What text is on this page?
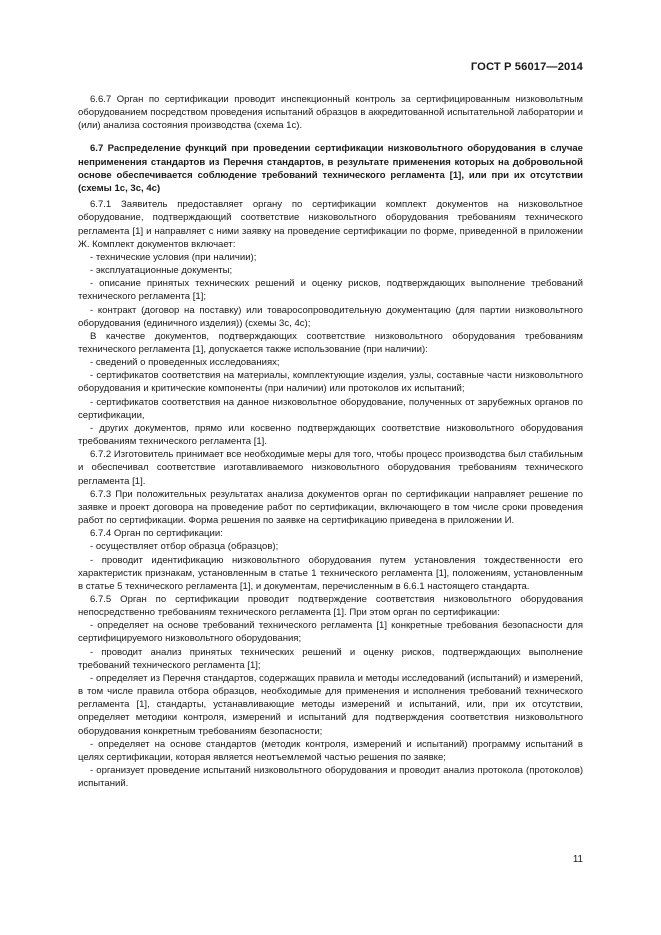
ГОСТ Р 56017—2014

6.6.7 Орган по сертификации проводит инспекционный контроль за сертифицированным низковольтным оборудованием посредством проведения испытаний образцов в аккредитованной испытательной лаборатории и (или) анализа состояния производства (схема 1с).

6.7 Распределение функций при проведении сертификации низковольтного оборудования в случае неприменения стандартов из Перечня стандартов, в результате применения которых на добровольной основе обеспечивается соблюдение требований технического регламента [1], или при их отсутствии (схемы 1с, 3с, 4с)

6.7.1 Заявитель предоставляет органу по сертификации комплект документов на низковольтное оборудование, подтверждающий соответствие низковольтного оборудования требованиям технического регламента [1] и направляет с ними заявку на проведение сертификации по форме, приведенной в приложении Ж. Комплект документов включает:

- технические условия (при наличии);

- эксплуатационные документы;

- описание принятых технических решений и оценку рисков, подтверждающих выполнение требований технического регламента [1];

- контракт (договор на поставку) или товаросопроводительную документацию (для партии низковольтного оборудования (единичного изделия)) (схемы 3с, 4с);

В качестве документов, подтверждающих соответствие низковольтного оборудования требованиям технического регламента [1], допускается также использование (при наличии):

- сведений о проведенных исследованиях;

- сертификатов соответствия на материалы, комплектующие изделия, узлы, составные части низковольтного оборудования и критические компоненты (при наличии) или протоколов их испытаний;

- сертификатов соответствия на данное низковольтное оборудование, полученных от зарубежных органов по сертификации,

- других документов, прямо или косвенно подтверждающих соответствие низковольтного оборудования требованиям технического регламента [1].

6.7.2 Изготовитель принимает все необходимые меры для того, чтобы процесс производства был стабильным и обеспечивал соответствие изготавливаемого низковольтного оборудования требованиям технического регламента [1].

6.7.3 При положительных результатах анализа документов орган по сертификации направляет решение по заявке и проект договора на проведение работ по сертификации, включающего в том числе сроки проведения работ по сертификации. Форма решения по заявке на сертификацию приведена в приложении И.

6.7.4 Орган по сертификации:

- осуществляет отбор образца (образцов);

- проводит идентификацию низковольтного оборудования путем установления тождественности его характеристик признакам, установленным в статье 1 технического регламента [1], положениям, установленным в статье 5 технического регламента [1], и документам, перечисленным в 6.6.1 настоящего стандарта.

6.7.5 Орган по сертификации проводит подтверждение соответствия низковольтного оборудования непосредственно требованиям технического регламента [1]. При этом орган по сертификации:

- определяет на основе требований технического регламента [1] конкретные требования безопасности для сертифицируемого низковольтного оборудования;

- проводит анализ принятых технических решений и оценку рисков, подтверждающих выполнение требований технического регламента [1];

- определяет из Перечня стандартов, содержащих правила и методы исследований (испытаний) и измерений, в том числе правила отбора образцов, необходимые для применения и исполнения требований технического регламента [1], стандарты, устанавливающие методы измерений и испытаний, или, при их отсутствии, определяет методики контроля, измерений и испытаний для подтверждения соответствия низковольтного оборудования конкретным требованиям безопасности;

- определяет на основе стандартов (методик контроля, измерений и испытаний) программу испытаний в целях сертификации, которая является неотъемлемой частью решения по заявке;

- организует проведение испытаний низковольтного оборудования и проводит анализ протокола (протоколов) испытаний.

11
